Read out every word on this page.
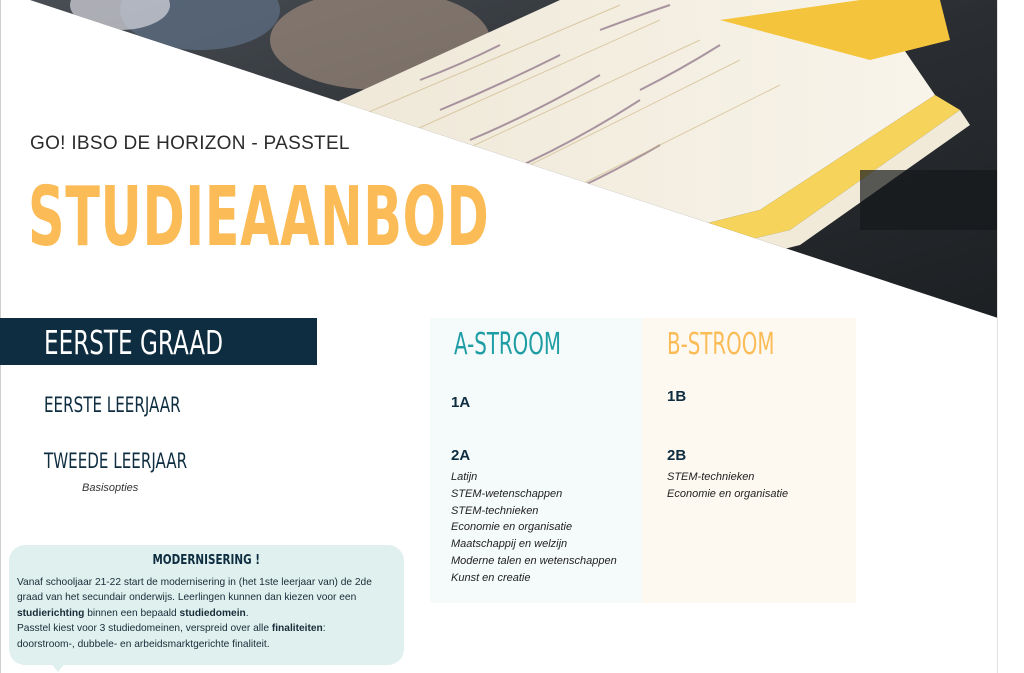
GO! IBSO DE HORIZON - PASSTEL
STUDIEAANBOD
EERSTE GRAAD
EERSTE LEERJAAR
TWEEDE LEERJAAR
Basisopties
MODERNISERING !
Vanaf schooljaar 21-22 start de modernisering in (het 1ste leerjaar van) de 2de graad van het secundair onderwijs. Leerlingen kunnen dan kiezen voor een studierichting binnen een bepaald studiedomein.
Passtel kiest voor 3 studiedomeinen, verspreid over alle finaliteiten:
doorstroom-, dubbele- en arbeidsmarktgerichte finaliteit.
A-STROOM
1A
2A
Latijn
STEM-wetenschappen
STEM-technieken
Economie en organisatie
Maatschappij en welzijn
Moderne talen en wetenschappen
Kunst en creatie
B-STROOM
1B
2B
STEM-technieken
Economie en organisatie
